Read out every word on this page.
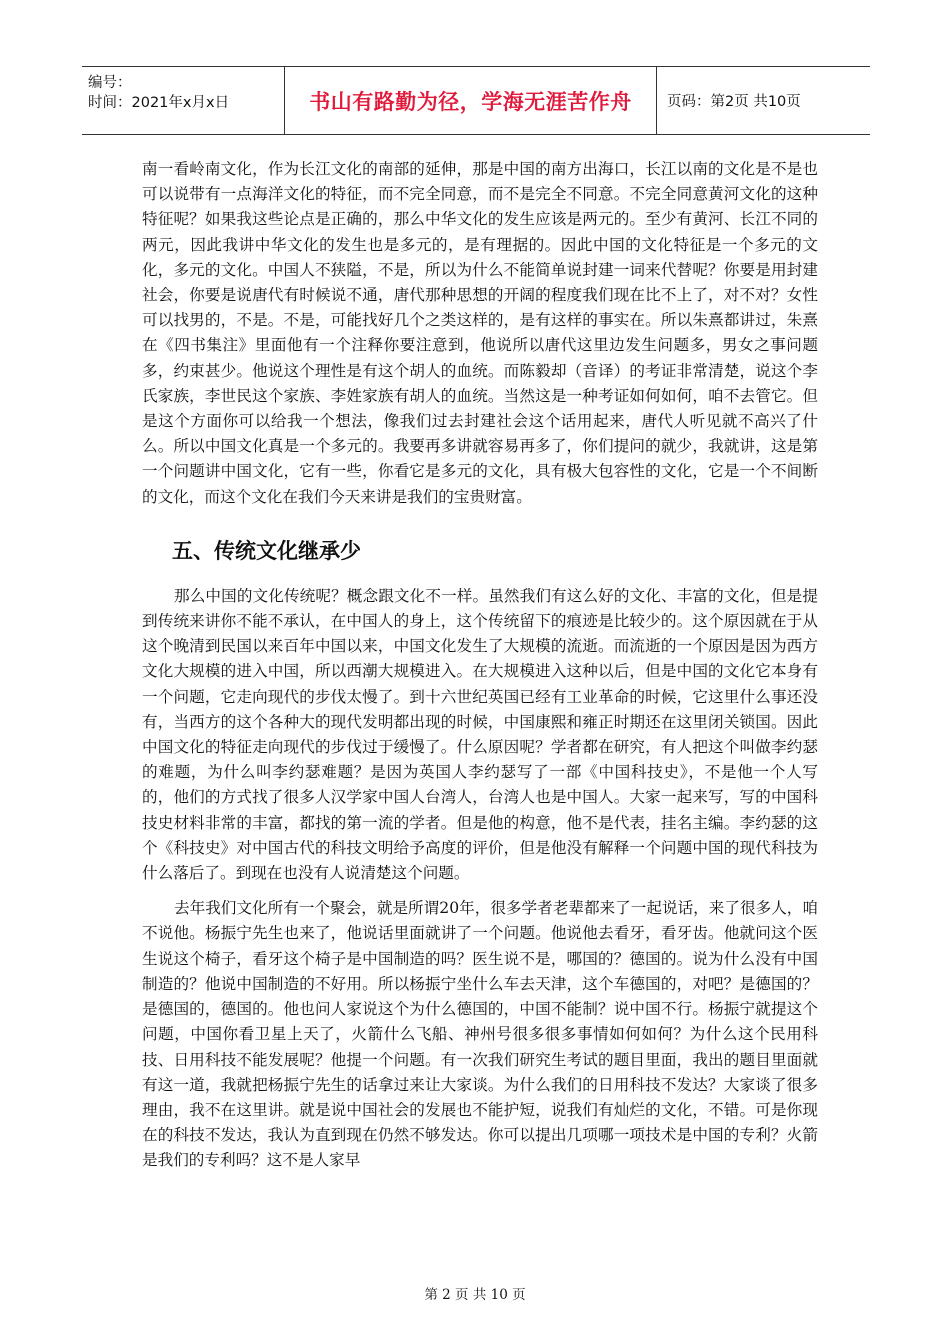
编号：
时间：2021年x月x日	书山有路勤为径，学海无涯苦作舟	页码：第2页 共10页

南一看岭南文化，作为长江文化的南部的延伸，那是中国的南方出海口，长江以南的文化是不是也可以说带有一点海洋文化的特征，而不完全同意，而不是完全不同意。不完全同意黄河文化的这种特征呢？如果我这些论点是正确的，那么中华文化的发生应该是两元的。至少有黄河、长江不同的两元，因此我讲中华文化的发生也是多元的，是有理据的。因此中国的文化特征是一个多元的文化，多元的文化。中国人不狭隘，不是，所以为什么不能简单说封建一词来代替呢？你要是用封建社会，你要是说唐代有时候说不通，唐代那种思想的开阔的程度我们现在比不上了，对不对？女性可以找男的，不是。不是，可能找好几个之类这样的，是有这样的事实在。所以朱熹都讲过，朱熹在《四书集注》里面他有一个注释你要注意到，他说所以唐代这里边发生问题多，男女之事问题多，约束甚少。他说这个理性是有这个胡人的血统。而陈毅却（音译）的考证非常清楚，说这个李氏家族，李世民这个家族、李姓家族有胡人的血统。当然这是一种考证如何如何，咱不去管它。但是这个方面你可以给我一个想法，像我们过去封建社会这个话用起来，唐代人听见就不高兴了什么。所以中国文化真是一个多元的。我要再多讲就容易再多了，你们提问的就少，我就讲，这是第一个问题讲中国文化，它有一些，你看它是多元的文化，具有极大包容性的文化，它是一个不间断的文化，而这个文化在我们今天来讲是我们的宝贵财富。

五、传统文化继承少

那么中国的文化传统呢？概念跟文化不一样。虽然我们有这么好的文化、丰富的文化，但是提到传统来讲你不能不承认，在中国人的身上，这个传统留下的痕迹是比较少的。这个原因就在于从这个晚清到民国以来百年中国以来，中国文化发生了大规模的流逝。而流逝的一个原因是因为西方文化大规模的进入中国，所以西潮大规模进入。在大规模进入这种以后，但是中国的文化它本身有一个问题，它走向现代的步伐太慢了。到十六世纪英国已经有工业革命的时候，它这里什么事还没有，当西方的这个各种大的现代发明都出现的时候，中国康熙和雍正时期还在这里闭关锁国。因此中国文化的特征走向现代的步伐过于缓慢了。什么原因呢？学者都在研究，有人把这个叫做李约瑟的难题，为什么叫李约瑟难题？是因为英国人李约瑟写了一部《中国科技史》，不是他一个人写的，他们的方式找了很多人汉学家中国人台湾人，台湾人也是中国人。大家一起来写，写的中国科技史材料非常的丰富，都找的第一流的学者。但是他的构意，他不是代表，挂名主编。李约瑟的这个《科技史》对中国古代的科技文明给予高度的评价，但是他没有解释一个问题中国的现代科技为什么落后了。到现在也没有人说清楚这个问题。

去年我们文化所有一个聚会，就是所谓20年，很多学者老辈都来了一起说话，来了很多人，咱不说他。杨振宁先生也来了，他说话里面就讲了一个问题。他说他去看牙，看牙齿。他就问这个医生说这个椅子，看牙这个椅子是中国制造的吗？医生说不是，哪国的？德国的。说为什么没有中国制造的？他说中国制造的不好用。所以杨振宁坐什么车去天津，这个车德国的，对吧？是德国的？是德国的，德国的。他也问人家说这个为什么德国的，中国不能制？说中国不行。杨振宁就提这个问题，中国你看卫星上天了，火箭什么飞船、神州号很多很多事情如何如何？为什么这个民用科技、日用科技不能发展呢？他提一个问题。有一次我们研究生考试的题目里面，我出的题目里面就有这一道，我就把杨振宁先生的话拿过来让大家谈。为什么我们的日用科技不发达？大家谈了很多理由，我不在这里讲。就是说中国社会的发展也不能护短，说我们有灿烂的文化，不错。可是你现在的科技不发达，我认为直到现在仍然不够发达。你可以提出几项哪一项技术是中国的专利？火箭是我们的专利吗？这不是人家早

第 2 页 共 10 页
